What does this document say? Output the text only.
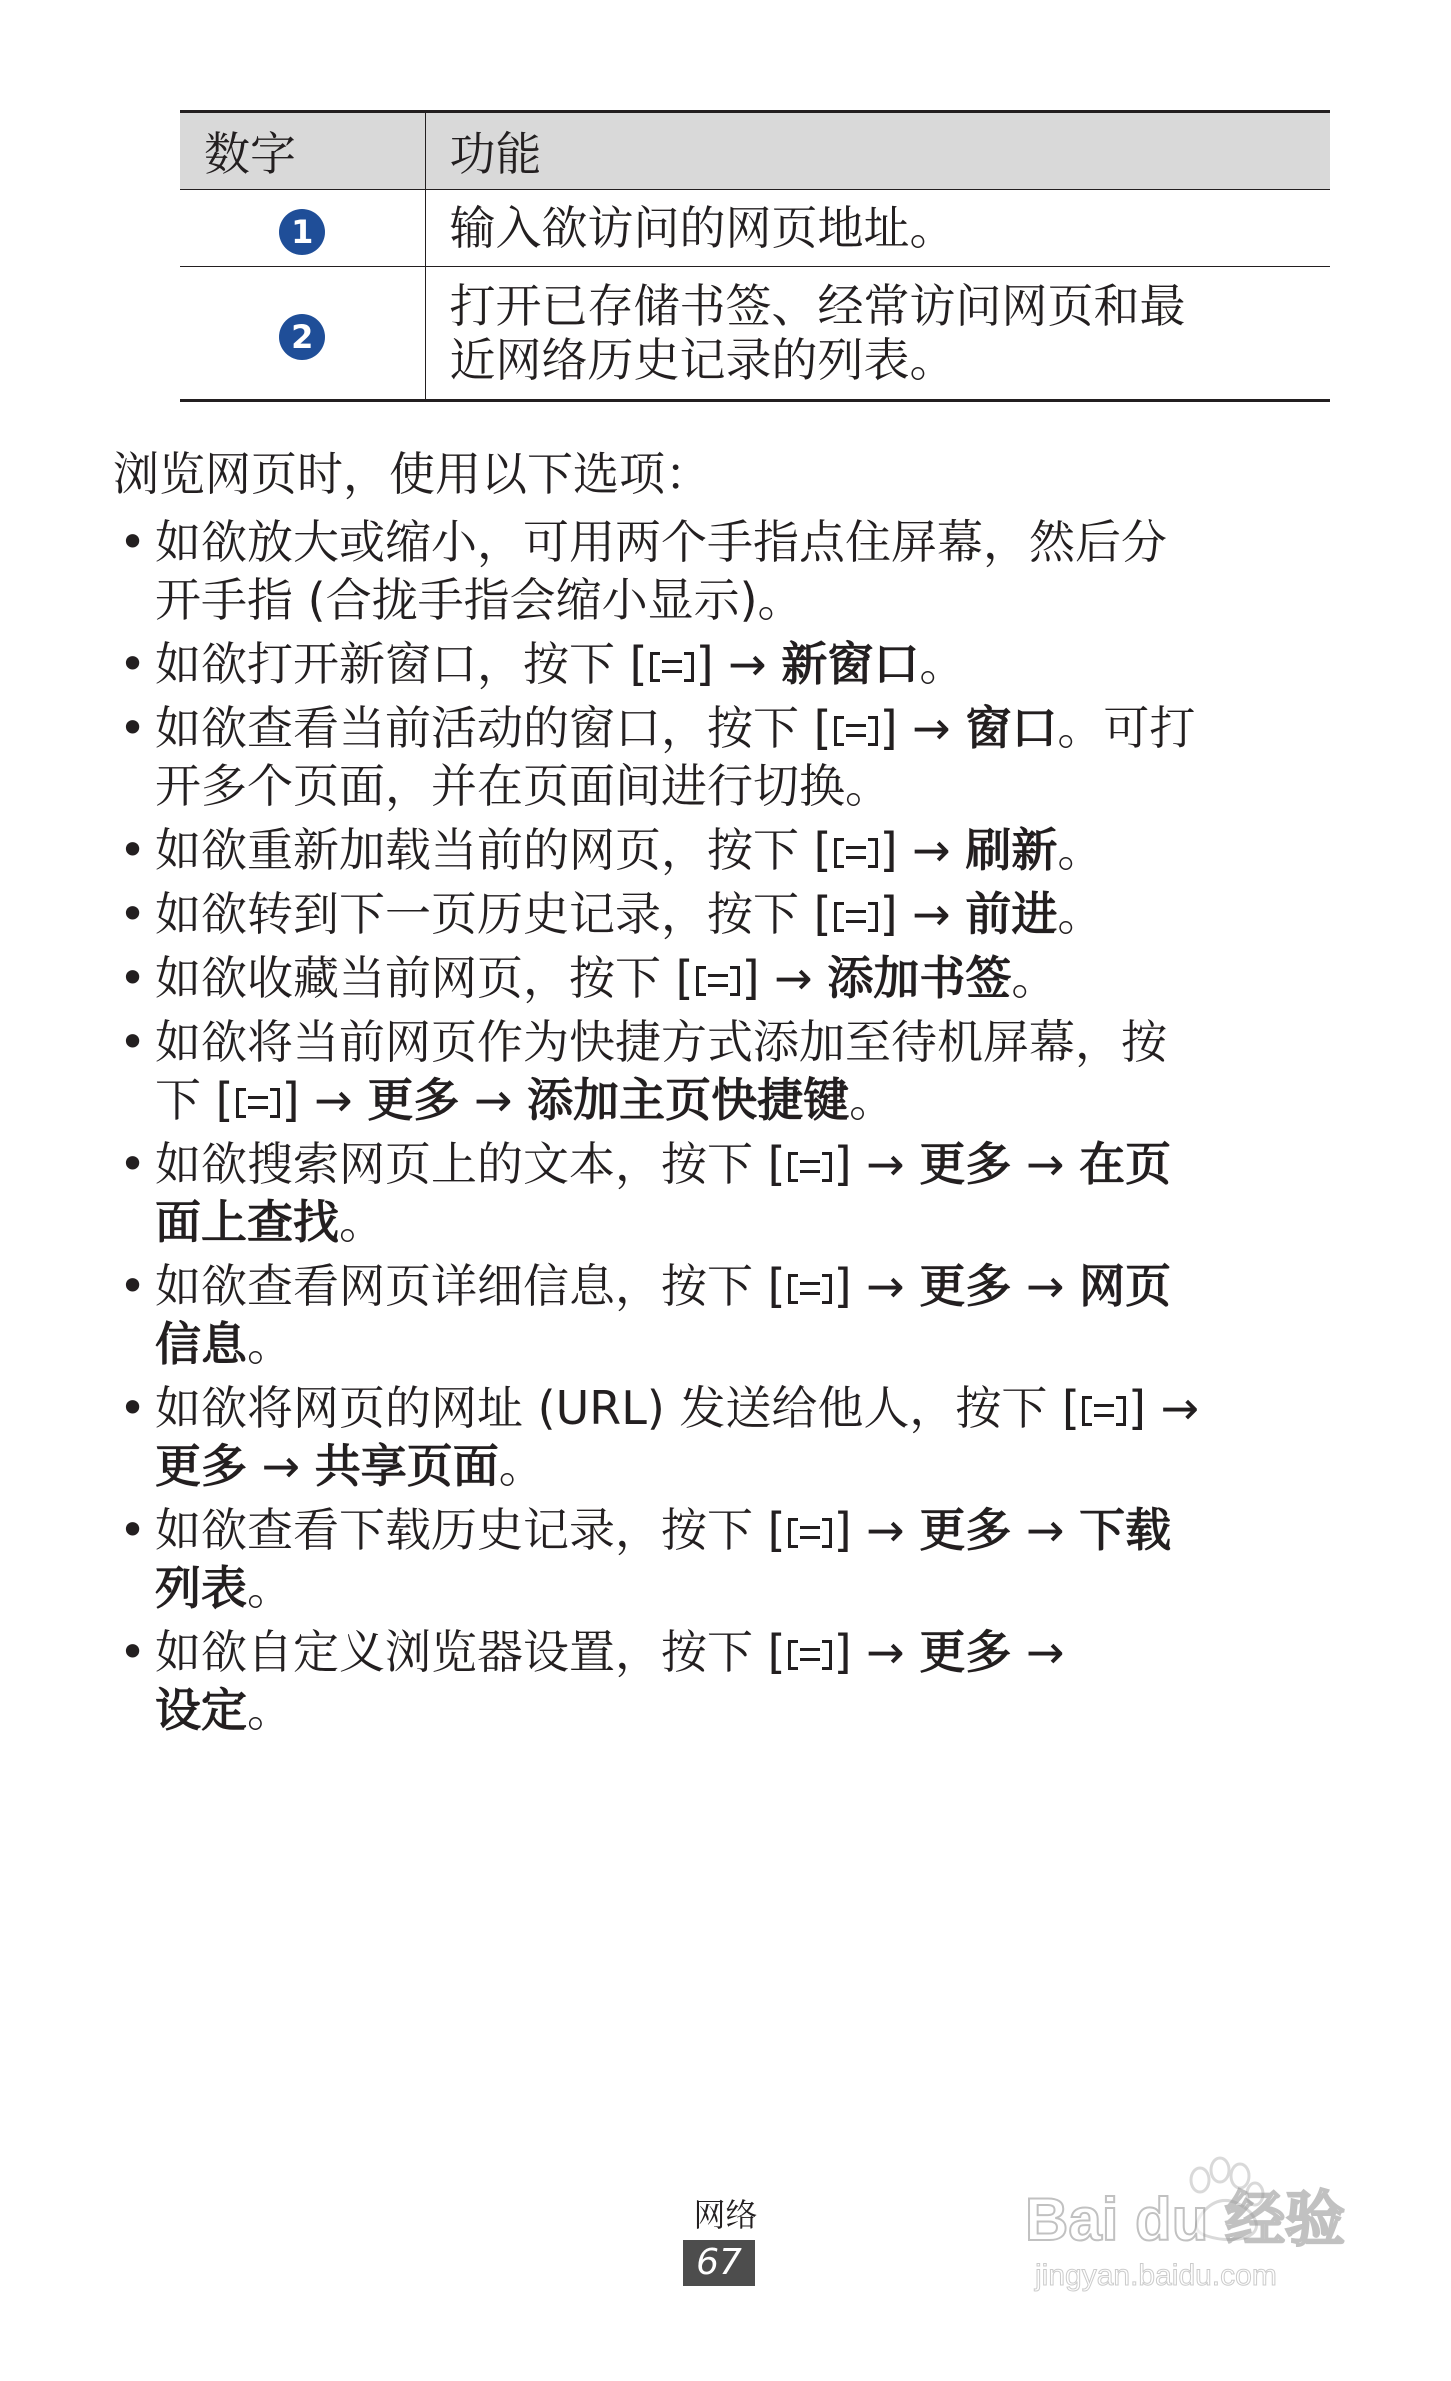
数字	功能
1	输入欲访问的网页地址。
2	打开已存储书签、经常访问网页和最
近网络历史记录的列表。

浏览网页时，使用以下选项：

• 如欲放大或缩小，可用两个手指点住屏幕，然后分
开手指 (合拢手指会缩小显示)。
• 如欲打开新窗口，按下 [ ] → 新窗口。
• 如欲查看当前活动的窗口，按下 [ ] → 窗口。可打
开多个页面，并在页面间进行切换。
• 如欲重新加载当前的网页，按下 [ ] → 刷新。
• 如欲转到下一页历史记录，按下 [ ] → 前进。
• 如欲收藏当前网页，按下 [ ] → 添加书签。
• 如欲将当前网页作为快捷方式添加至待机屏幕，按
下 [ ] → 更多 → 添加主页快捷键。
• 如欲搜索网页上的文本，按下 [ ] → 更多 → 在页
面上查找。
• 如欲查看网页详细信息，按下 [ ] → 更多 → 网页
信息。
• 如欲将网页的网址 (URL) 发送给他人，按下 [ ] →
更多 → 共享页面。
• 如欲查看下载历史记录，按下 [ ] → 更多 → 下载
列表。
• 如欲自定义浏览器设置，按下 [ ] → 更多 →
设定。
网络
67
Bai du 经验
jingyan.baidu.com
